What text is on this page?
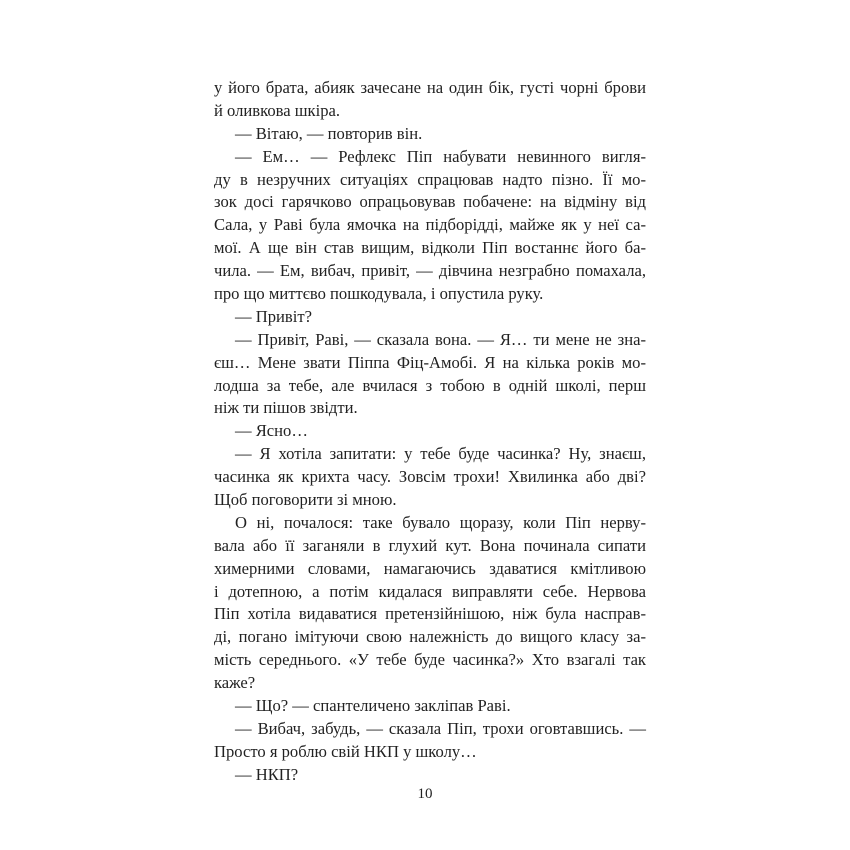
у його брата, абияк зачесане на один бік, густі чорні брови
й оливкова шкіра.
— Вітаю, — повторив він.
— Ем… — Рефлекс Піп набувати невинного вигля-
ду в незручних ситуаціях спрацював надто пізно. Її мо-
зок досі гарячково опрацьовував побачене: на відміну від
Сала, у Раві була ямочка на підборідді, майже як у неї са-
мої. А ще він став вищим, відколи Піп востаннє його ба-
чила. — Ем, вибач, привіт, — дівчина незграбно помахала,
про що миттєво пошкодувала, і опустила руку.
— Привіт?
— Привіт, Раві, — сказала вона. — Я… ти мене не зна-
єш… Мене звати Піппа Фіц-Амобі. Я на кілька років мо-
лодша за тебе, але вчилася з тобою в одній школі, перш
ніж ти пішов звідти.
— Ясно…
— Я хотіла запитати: у тебе буде часинка? Ну, знаєш,
часинка як крихта часу. Зовсім трохи! Хвилинка або дві?
Щоб поговорити зі мною.
О ні, почалося: таке бувало щоразу, коли Піп нерву-
вала або її заганяли в глухий кут. Вона починала сипати
химерними словами, намагаючись здаватися кмітливою
і дотепною, а потім кидалася виправляти себе. Нервова
Піп хотіла видаватися претензійнішою, ніж була насправ-
ді, погано імітуючи свою належність до вищого класу за-
мість середнього. «У тебе буде часинка?» Хто взагалі так
каже?
— Що? — спантеличено закліпав Раві.
— Вибач, забудь, — сказала Піп, трохи оговтавшись. —
Просто я роблю свій НКП у школу…
— НКП?
10
